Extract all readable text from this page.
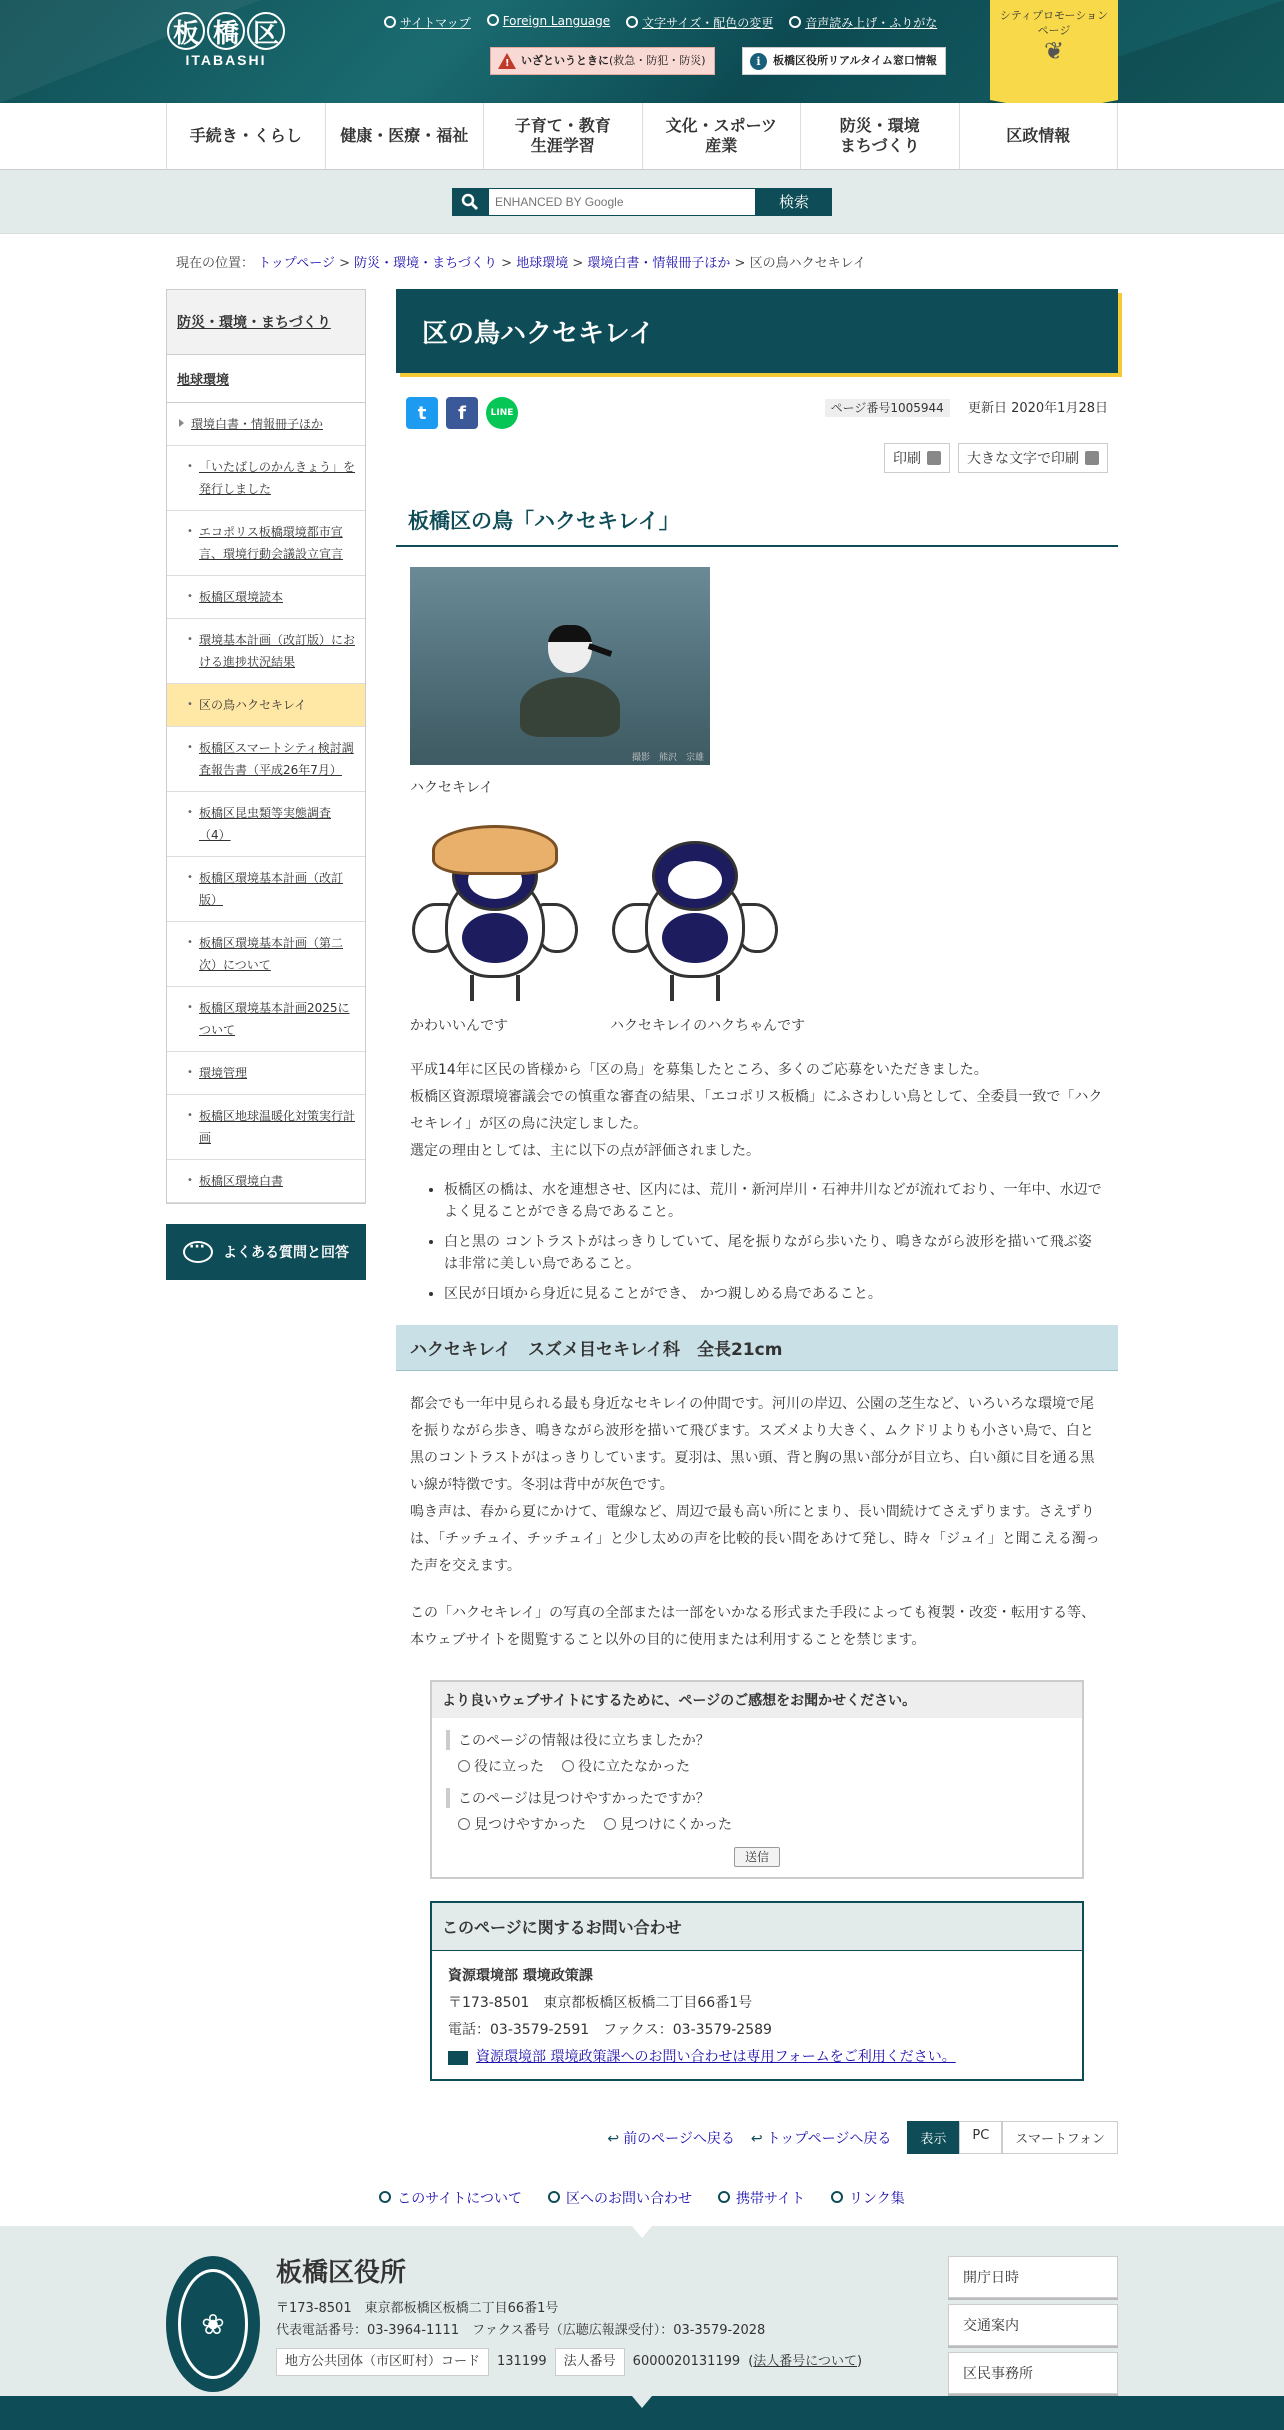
板 橋 区
ITABASHI
サイトマップ	Foreign Language	文字サイズ・配色の変更	音声読み上げ・ふりがな
!
いざというときに(救急・防犯・防災)	i	板橋区役所リアルタイム窓口情報
シティプロモーション
ページ
❦
手続き・くらし 健康・医療・福祉
子育て・教育
生涯学習
文化・スポーツ
産業
防災・環境
まちづくり
区政情報
ENHANCED BY Google
検索
現在の位置： トップページ > 防災・環境・まちづくり > 地球環境 > 環境白書・情報冊子ほか > 区の鳥ハクセキレイ
防災・環境・まちづくり
地球環境
環境白書・情報冊子ほか
• 「いたばしのかんきょう」を発行しました
• エコポリス板橋環境都市宣言、環境行動会議設立宣言
• 板橋区環境読本
• 環境基本計画（改訂版）における進捗状況結果
• 区の鳥ハクセキレイ
• 板橋区スマートシティ検討調査報告書（平成26年7月）
• 板橋区昆虫類等実態調査（4）
• 板橋区環境基本計画（改訂版）
• 板橋区環境基本計画（第二次）について
• 板橋区環境基本計画2025について
• 環境管理
• 板橋区地球温暖化対策実行計画
• 板橋区環境白書
···
よくある質問と回答
区の鳥ハクセキレイ
t	f	LINE	ページ番号1005944 更新日 2020年1月28日
印刷	大きな文字で印刷
板橋区の鳥「ハクセキレイ」
撮影　熊沢　宗雄
ハクセキレイ
かわいいんです	ハクセキレイのハクちゃんです
平成14年に区民の皆様から「区の鳥」を募集したところ、多くのご応募をいただきました。
板橋区資源環境審議会での慎重な審査の結果、「エコポリス板橋」にふさわしい鳥として、全委員一致で「ハクセキレイ」が区の鳥に決定しました。
選定の理由としては、主に以下の点が評価されました。
• 板橋区の橋は、水を連想させ、区内には、荒川・新河岸川・石神井川などが流れており、一年中、水辺でよく見ることができる鳥であること。
• 白と黒の コントラストがはっきりしていて、尾を振りながら歩いたり、鳴きながら波形を描いて飛ぶ姿は非常に美しい鳥であること。
• 区民が日頃から身近に見ることができ、 かつ親しめる鳥であること。
ハクセキレイ　スズメ目セキレイ科　全長21cm

都会でも一年中見られる最も身近なセキレイの仲間です。河川の岸辺、公園の芝生など、いろいろな環境で尾を振りながら歩き、鳴きながら波形を描いて飛びます。スズメより大きく、ムクドリよりも小さい鳥で、白と黒のコントラストがはっきりしています。夏羽は、黒い頭、背と胸の黒い部分が目立ち、白い顔に目を通る黒い線が特徴です。冬羽は背中が灰色です。
鳴き声は、春から夏にかけて、電線など、周辺で最も高い所にとまり、長い間続けてさえずります。さえずりは、「チッチュイ、チッチュイ」と少し太めの声を比較的長い間をあけて発し、時々「ジュイ」と聞こえる濁った声を交えます。

この「ハクセキレイ」の写真の全部または一部をいかなる形式また手段によっても複製・改変・転用する等、本ウェブサイトを閲覧すること以外の目的に使用または利用することを禁じます。

より良いウェブサイトにするために、ページのご感想をお聞かせください。
このページの情報は役に立ちましたか？
役に立った	役に立たなかった
このページは見つけやすかったですか？
見つけやすかった	見つけにくかった
送信
このページに関するお問い合わせ
資源環境部 環境政策課
〒173-8501　東京都板橋区板橋二丁目66番1号
電話：03-3579-2591　ファクス：03-3579-2589
資源環境部 環境政策課へのお問い合わせは専用フォームをご利用ください。
↩ 前のページへ戻る	↩ トップページへ戻る	表示	PC	スマートフォン
このサイトについて	区へのお問い合わせ	携帯サイト	リンク集
❀
板橋区役所
〒173-8501　東京都板橋区板橋二丁目66番1号
代表電話番号：03-3964-1111　ファクス番号（広聴広報課受付）：03-3579-2028
地方公共団体（市区町村）コード	131199	法人番号	6000020131199 (法人番号について)
開庁日時
交通案内
区民事務所
